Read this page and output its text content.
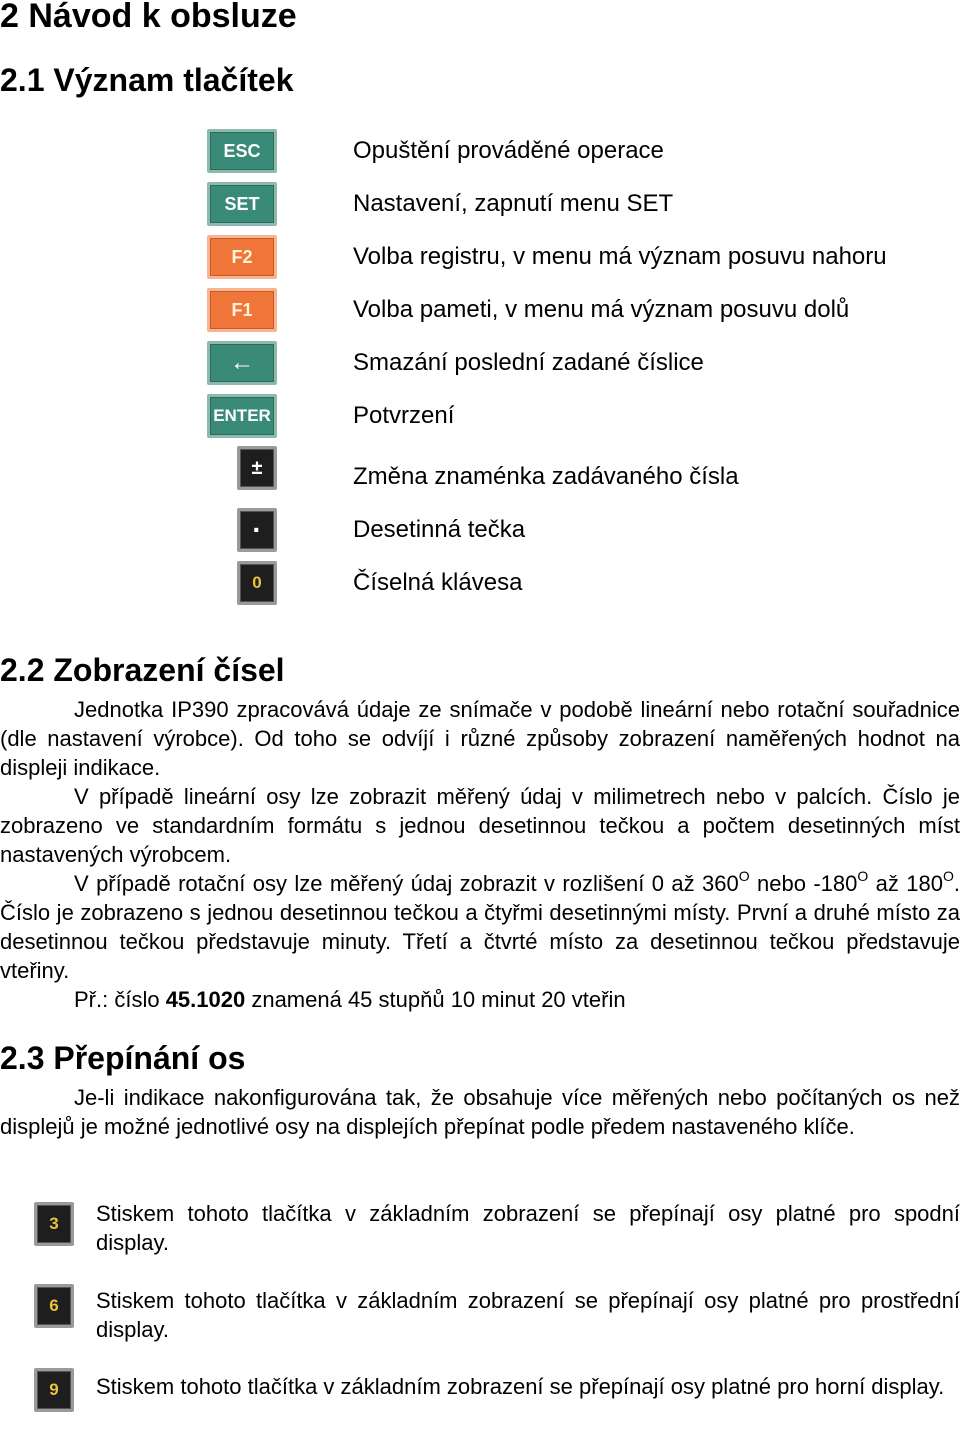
2 Návod k obsluze
2.1 Význam tlačítek
ESC	Opuštění prováděné operace
SET	Nastavení, zapnutí menu SET
F2	Volba registru, v menu má význam posuvu nahoru
F1	Volba pameti, v menu má význam posuvu dolů
←	Smazání poslední zadané číslice
ENTER	Potvrzení
±	Změna znaménka zadávaného čísla
·	Desetinná tečka
0	Číselná klávesa
2.2 Zobrazení čísel

Jednotka IP390 zpracovává údaje ze snímače v podobě lineární nebo rotační souřadnice (dle nastavení výrobce). Od toho se odvíjí i různé způsoby zobrazení naměřených hodnot na displeji indikace.

V případě lineární osy lze zobrazit měřený údaj v milimetrech nebo v palcích. Číslo je zobrazeno ve standardním formátu s jednou desetinnou tečkou a počtem desetinných míst nastavených výrobcem.

V případě rotační osy lze měřený údaj zobrazit v rozlišení 0 až $360^O$ nebo $-180^O$ až $180^O$. Číslo je zobrazeno s jednou desetinnou tečkou a čtyřmi desetinnými místy. První a druhé místo za desetinnou tečkou představuje minuty. Třetí a čtvrté místo za desetinnou tečkou představuje vteřiny.

Př.: číslo 45.1020 znamená 45 stupňů 10 minut 20 vteřin

2.3 Přepínání os

Je-li indikace nakonfigurována tak, že obsahuje více měřených nebo počítaných os než displejů je možné jednotlivé osy na displejích přepínat podle předem nastaveného klíče.

3	Stiskem tohoto tlačítka v základním zobrazení se přepínají osy platné pro spodní display.

6	Stiskem tohoto tlačítka v základním zobrazení se přepínají osy platné pro prostřední display.

9	Stiskem tohoto tlačítka v základním zobrazení se přepínají osy platné pro horní display.
